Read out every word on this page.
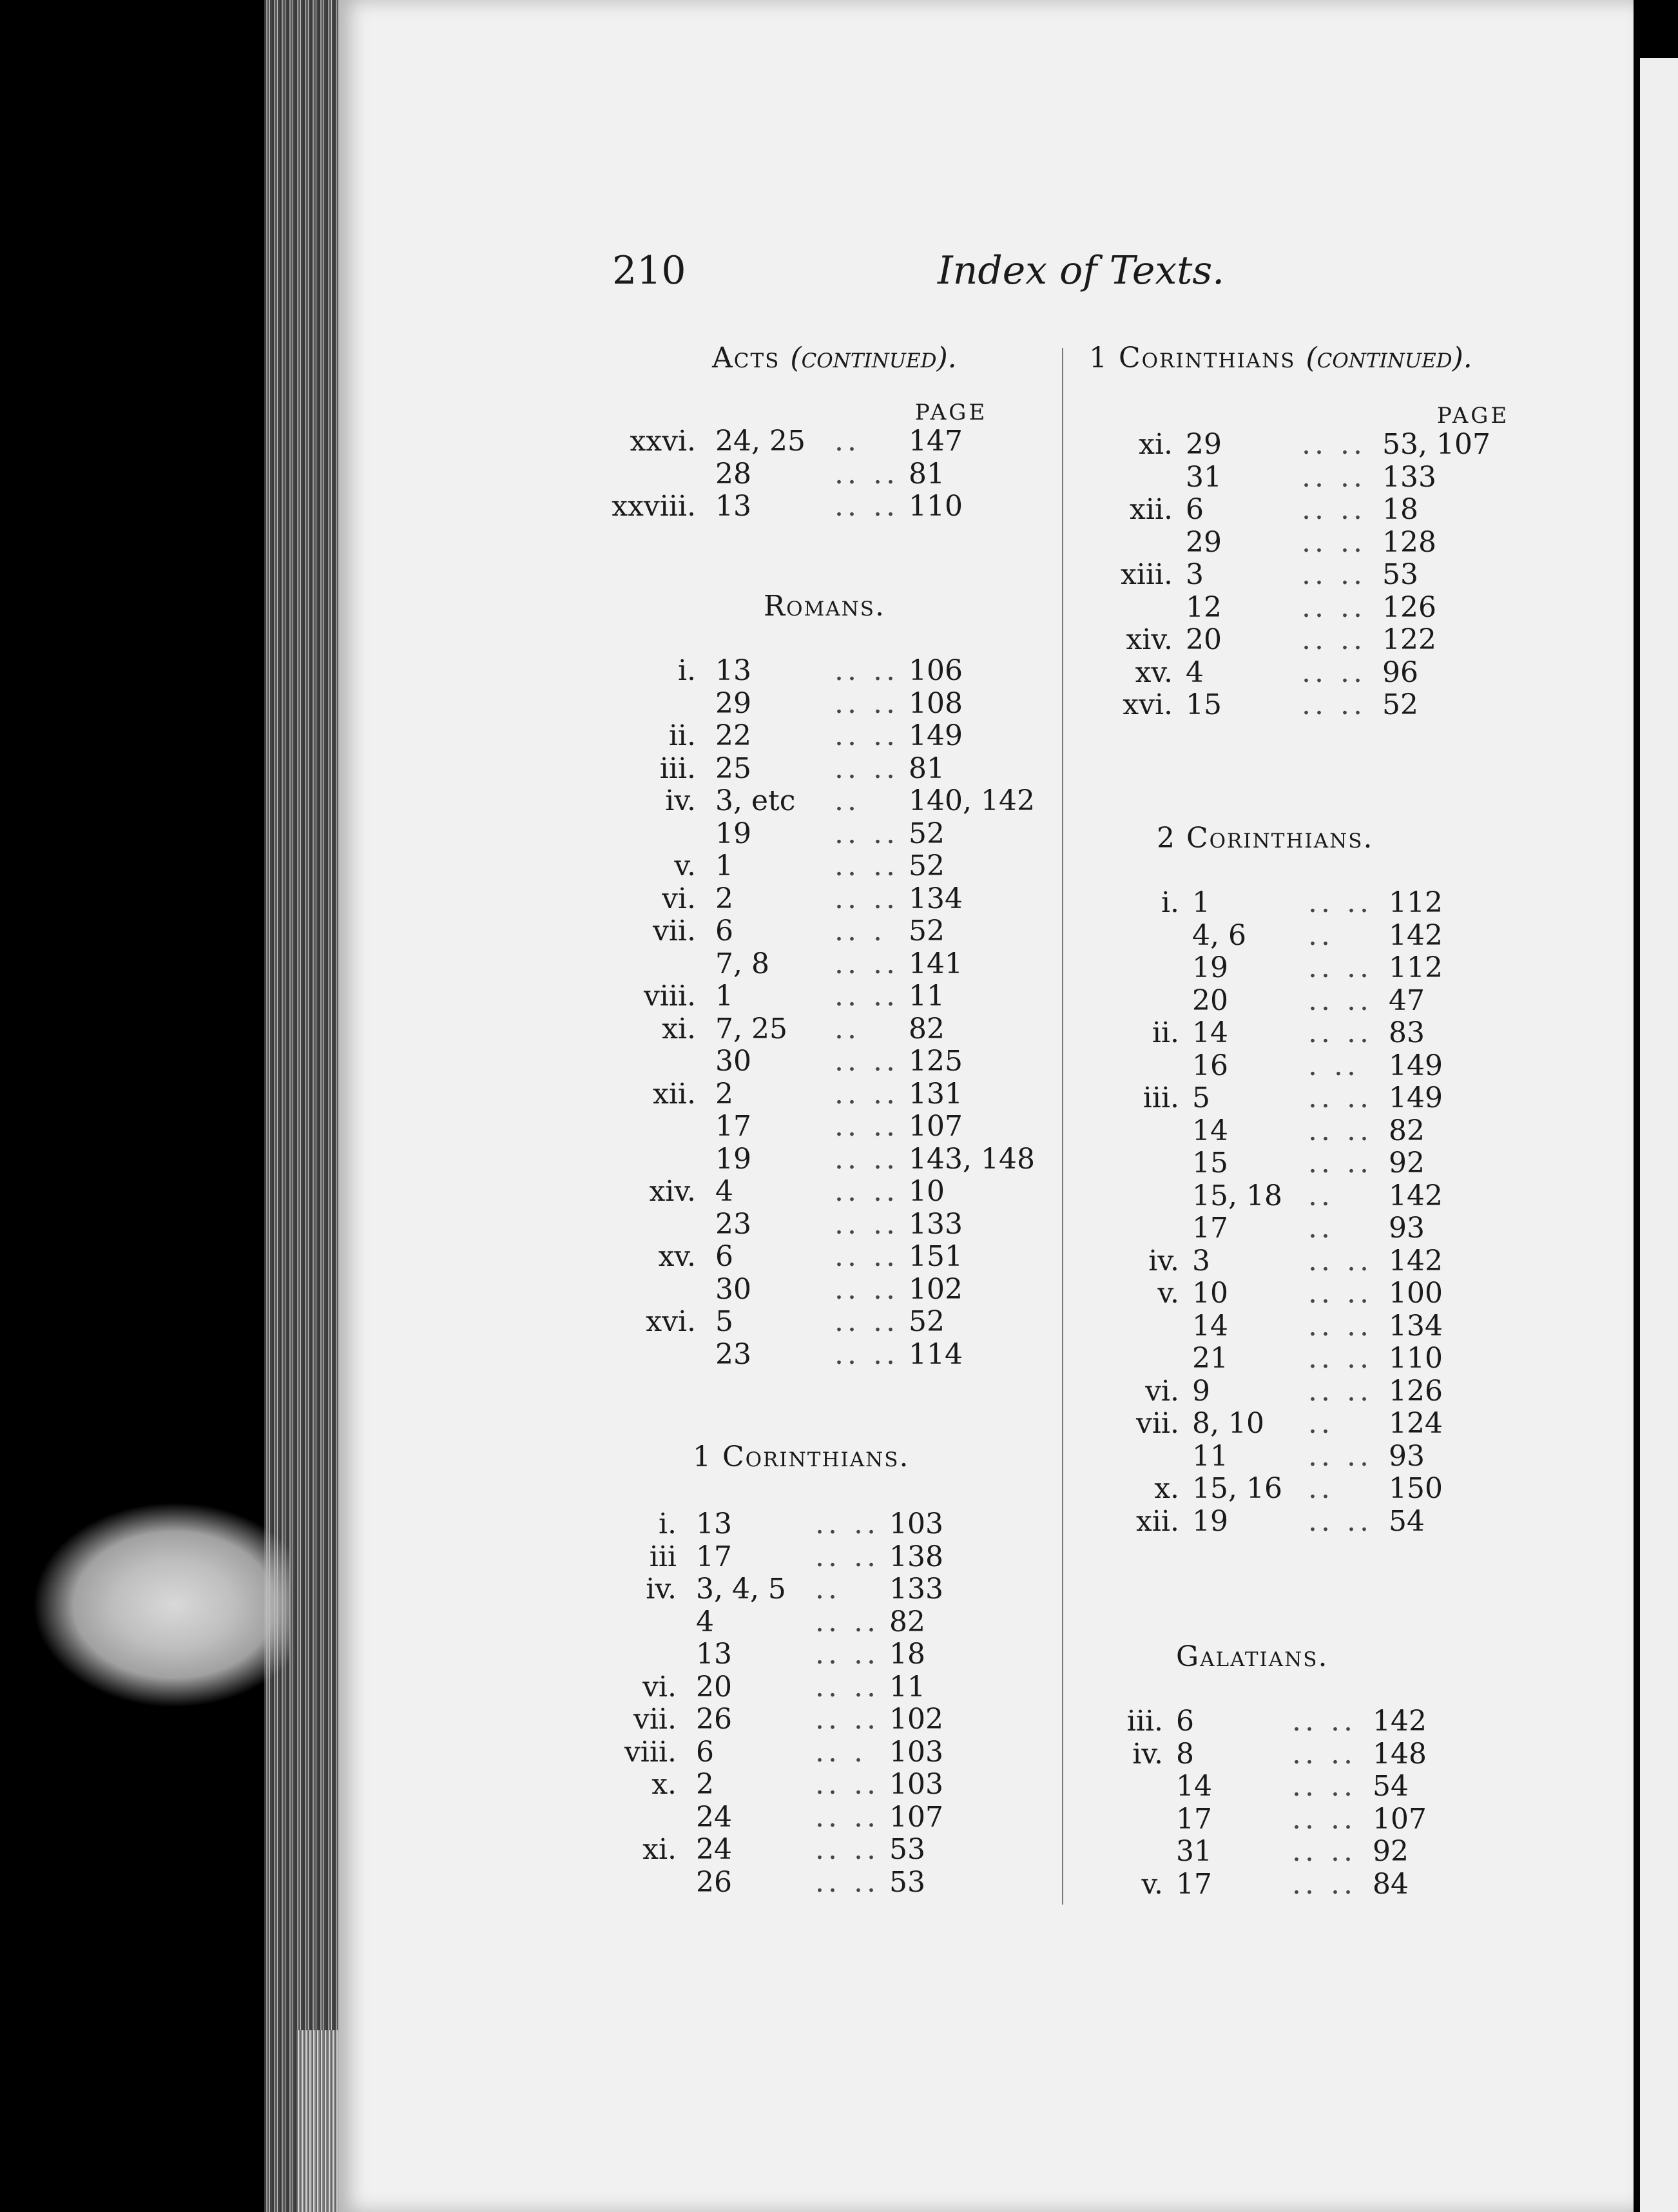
210	Index of Texts.
Acts (continued).
PAGE
xxvi. 24, 25 .. 147
28	.. .. 81
xxviii. 13	.. .. 110
Romans.
i. 13	.. .. 106
29	.. .. 108
ii. 22	.. .. 149
iii. 25	.. .. 81
iv. 3, etc .. 140, 142
19	.. .. 52
v. 1	.. .. 52
vi. 2	.. .. 134
vii. 6	.. . 52
7, 8 .. .. 141
viii. 1	.. .. 11
xi. 7, 25 .. 82
30	.. .. 125
xii. 2	.. .. 131
17	.. .. 107
19	.. .. 143, 148
xiv. 4	.. .. 10
23	.. .. 133
xv. 6	.. .. 151
30	.. .. 102
xvi. 5	.. .. 52
23	.. .. 114
1 Corinthians.
i. 13	.. .. 103
iii 17	.. .. 138
iv. 3, 4, 5 .. 133
4	.. .. 82
13	.. .. 18
vi. 20	.. .. 11
vii. 26	.. .. 102
viii. 6	.. . 103
x. 2	.. .. 103
24	.. .. 107
xi. 24	.. .. 53
26	.. .. 53
1 Corinthians (continued).
PAGE
xi. 29	.. .. 53, 107
31	.. .. 133
xii. 6	.. .. 18
29	.. .. 128
xiii. 3	.. .. 53
12	.. .. 126
xiv. 20	.. .. 122
xv. 4	.. .. 96
xvi. 15	.. .. 52
2 Corinthians.
i. 1	.. .. 112
4, 6 .. 142
19	.. .. 112
20	.. .. 47
ii. 14	.. .. 83
16	. .. 149
iii. 5	.. .. 149
14	.. .. 82
15	.. .. 92
15, 18 .. 142
17	.. 93
iv. 3	.. .. 142
v. 10	.. .. 100
14	.. .. 134
21	.. .. 110
vi. 9	.. .. 126
vii. 8, 10 .. 124
11	.. .. 93
x. 15, 16 .. 150
xii. 19	.. .. 54
Galatians.
iii. 6	.. .. 142
iv. 8	.. .. 148
14	.. .. 54
17	.. .. 107
31	.. .. 92
v. 17	.. .. 84
